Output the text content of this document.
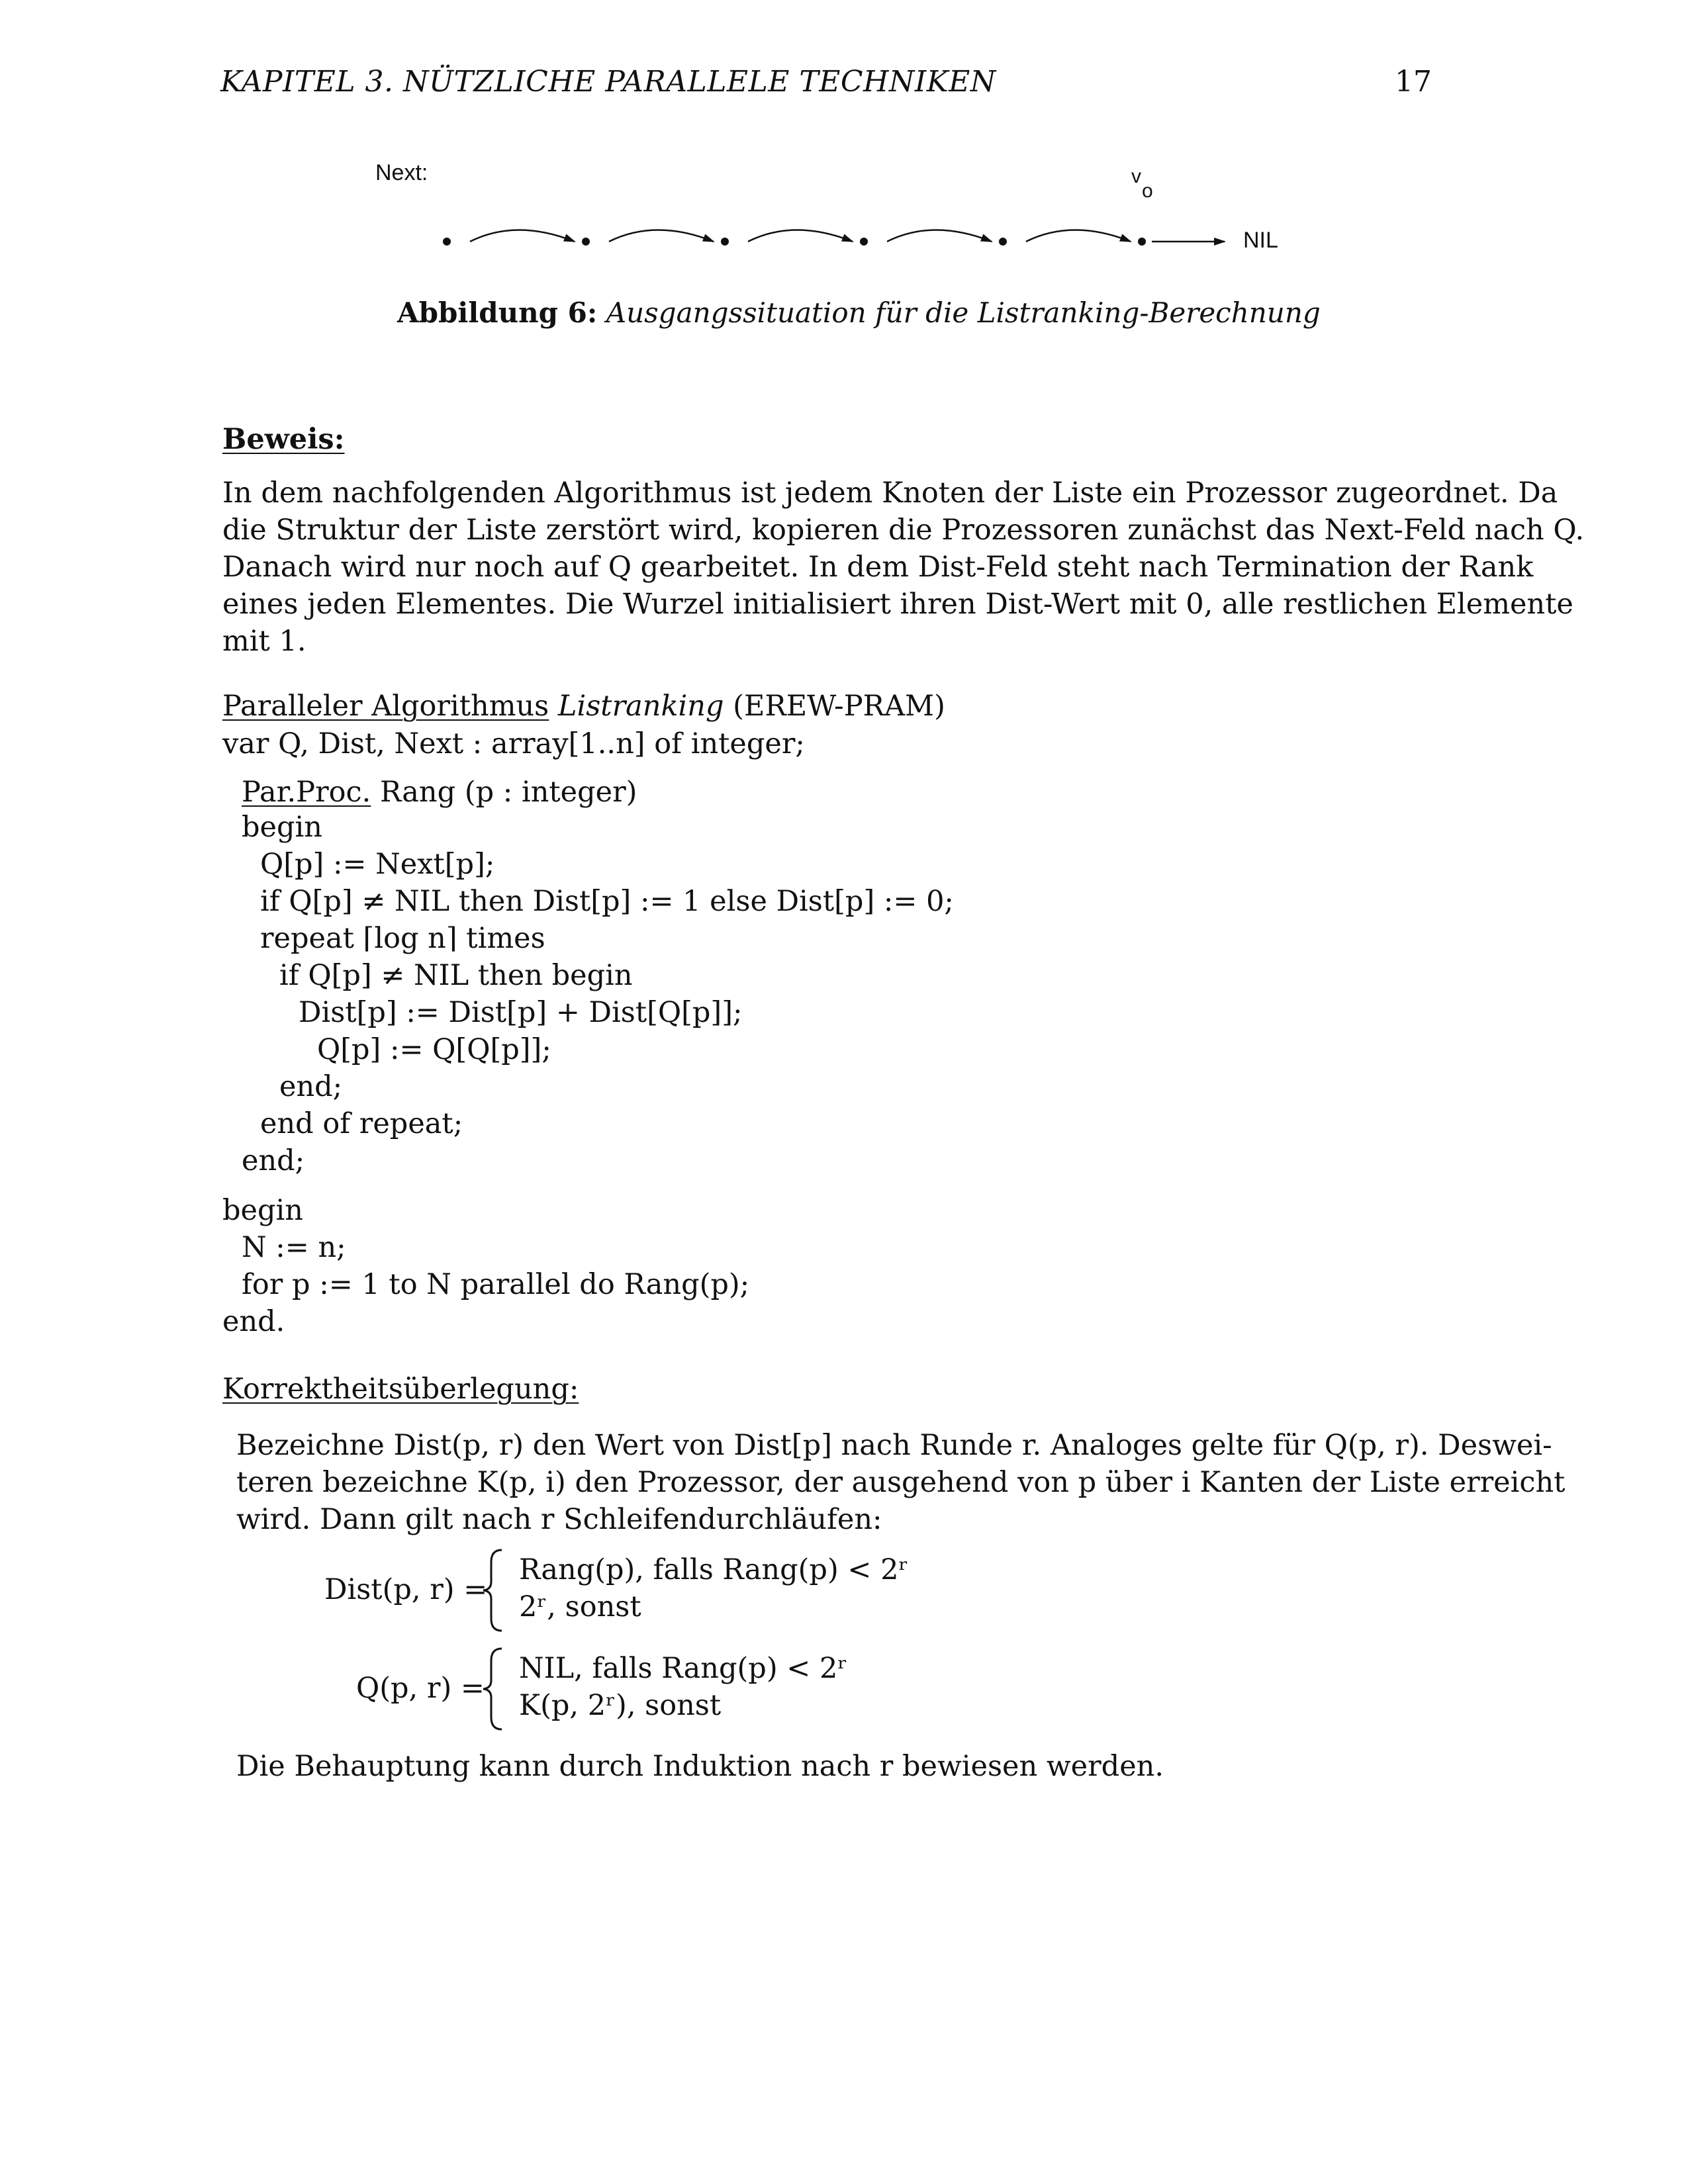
KAPITEL 3. NÜTZLICHE PARALLELE TECHNIKEN	17
Next:	v
o
NIL
Abbildung 6: Ausgangssituation für die Listranking-Berechnung
Beweis:
In dem nachfolgenden Algorithmus ist jedem Knoten der Liste ein Prozessor zugeordnet. Da
die Struktur der Liste zerstört wird, kopieren die Prozessoren zunächst das Next-Feld nach Q.
Danach wird nur noch auf Q gearbeitet. In dem Dist-Feld steht nach Termination der Rank
eines jeden Elementes. Die Wurzel initialisiert ihren Dist-Wert mit 0, alle restlichen Elemente
mit 1.
Paralleler Algorithmus Listranking (EREW-PRAM)
var Q, Dist, Next : array[1..n] of integer;
Par.Proc. Rang (p : integer)
begin
Q[p] := Next[p];
if Q[p] ≠ NIL then Dist[p] := 1 else Dist[p] := 0;
repeat ⌈log n⌉ times
if Q[p] ≠ NIL then begin
Dist[p] := Dist[p] + Dist[Q[p]];
Q[p] := Q[Q[p]];
end;
end of repeat;
end;
begin
N := n;
for p := 1 to N parallel do Rang(p);
end.
Korrektheitsüberlegung:
Bezeichne Dist(p, r) den Wert von Dist[p] nach Runde r. Analoges gelte für Q(p, r). Deswei-
teren bezeichne K(p, i) den Prozessor, der ausgehend von p über i Kanten der Liste erreicht
wird. Dann gilt nach r Schleifendurchläufen:
Dist(p, r) =
Rang(p), falls Rang(p) < 2ʳ
2ʳ, sonst
Q(p, r) =
NIL, falls Rang(p) < 2ʳ
K(p, 2ʳ), sonst
Die Behauptung kann durch Induktion nach r bewiesen werden.
